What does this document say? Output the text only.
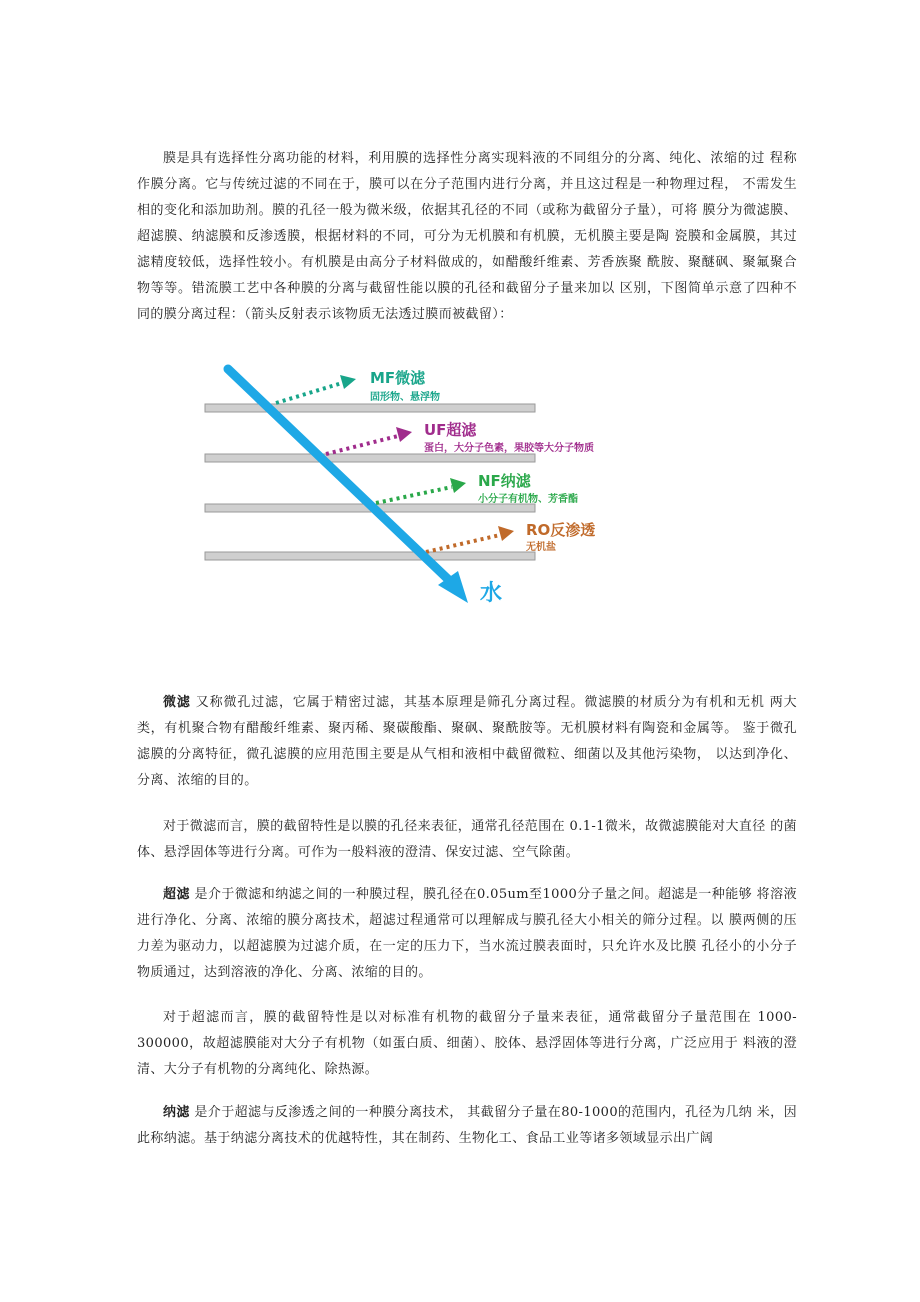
膜是具有选择性分离功能的材料，利用膜的选择性分离实现料液的不同组分的分离、纯化、浓缩的过 程称作膜分离。它与传统过滤的不同在于，膜可以在分子范围内进行分离，并且这过程是一种物理过程， 不需发生相的变化和添加助剂。膜的孔径一般为微米级，依据其孔径的不同（或称为截留分子量），可将 膜分为微滤膜、超滤膜、纳滤膜和反渗透膜，根据材料的不同，可分为无机膜和有机膜，无机膜主要是陶 瓷膜和金属膜，其过滤精度较低，选择性较小。有机膜是由高分子材料做成的，如醋酸纤维素、芳香族聚 酰胺、聚醚砜、聚氟聚合物等等。错流膜工艺中各种膜的分离与截留性能以膜的孔径和截留分子量来加以 区别，下图简单示意了四种不同的膜分离过程：（箭头反射表示该物质无法透过膜而被截留）：

MF微滤
固形物、悬浮物
UF超滤
蛋白，大分子色素，果胶等大分子物质
NF纳滤
小分子有机物、芳香酯
RO反渗透
无机盐
水

微滤 又称微孔过滤，它属于精密过滤，其基本原理是筛孔分离过程。微滤膜的材质分为有机和无机 两大类，有机聚合物有醋酸纤维素、聚丙稀、聚碳酸酯、聚砜、聚酰胺等。无机膜材料有陶瓷和金属等。 鉴于微孔滤膜的分离特征，微孔滤膜的应用范围主要是从气相和液相中截留微粒、细菌以及其他污染物， 以达到净化、分离、浓缩的目的。

对于微滤而言，膜的截留特性是以膜的孔径来表征，通常孔径范围在 0.1-1微米，故微滤膜能对大直径 的菌体、悬浮固体等进行分离。可作为一般料液的澄清、保安过滤、空气除菌。

超滤 是介于微滤和纳滤之间的一种膜过程，膜孔径在0.05um至1000分子量之间。超滤是一种能够 将溶液进行净化、分离、浓缩的膜分离技术，超滤过程通常可以理解成与膜孔径大小相关的筛分过程。以 膜两侧的压力差为驱动力，以超滤膜为过滤介质，在一定的压力下，当水流过膜表面时，只允许水及比膜 孔径小的小分子物质通过，达到溶液的净化、分离、浓缩的目的。

对于超滤而言，膜的截留特性是以对标准有机物的截留分子量来表征，通常截留分子量范围在 1000-300000，故超滤膜能对大分子有机物（如蛋白质、细菌）、胶体、悬浮固体等进行分离，广泛应用于 料液的澄清、大分子有机物的分离纯化、除热源。

纳滤 是介于超滤与反渗透之间的一种膜分离技术， 其截留分子量在80-1000的范围内，孔径为几纳 米，因此称纳滤。基于纳滤分离技术的优越特性，其在制药、生物化工、食品工业等诸多领域显示出广阔
